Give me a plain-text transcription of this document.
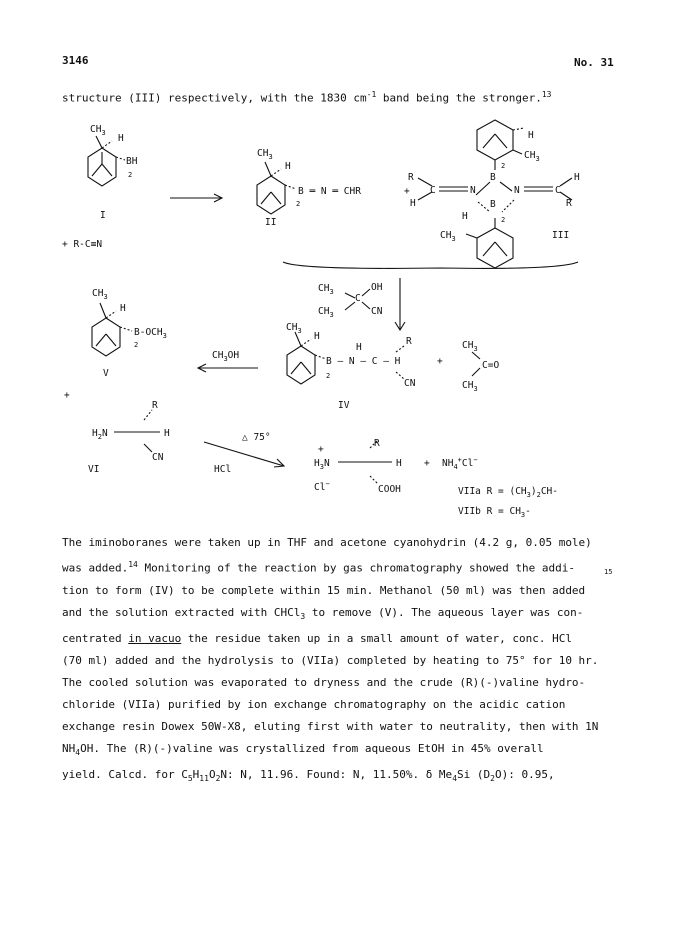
3146	No. 31
structure (III) respectively, with the 1830 $cm^{-1}$ band being the stronger.$^{13}$
$CH_3$ H
BH
2
I
+ R-C≡N
$CH_3$
H
B ═ N ═ CHR
2
II
+
H
$CH_3$
2
B
R
C	N	N	C
H
H
R
B
H	2
$CH_3$	III
$CH_3$
C
OH
$CH_3$	CN
$CH_3$
H
$B-OCH_3$
2
V
+
$CH_3OH$
$CH_3$ H
B — N — C — H
2
H
R
CN
+
$CH_3$
C=O
$CH_3$
IV
R
$H_2N$	H
CN
VI
△ 75°
HCl
+
R
$H_3N$	H
Cl−	COOH
+ $NH_4^+Cl^-$
VIIa $R = (CH_3)_2CH-$
VIIb $R = CH_3-$
15
The iminoboranes were taken up in THF and acetone cyanohydrin (4.2 g, 0.05 mole)
was added.$^{14}$ Monitoring of the reaction by gas chromatography showed the addi-
tion to form (IV) to be complete within 15 min. Methanol (50 ml) was then added
and the solution extracted with CHCl$_3$ to remove (V). The aqueous layer was con-
centrated in vacuo the residue taken up in a small amount of water, conc. HCl
(70 ml) added and the hydrolysis to (VIIa) completed by heating to 75° for 10 hr.
The cooled solution was evaporated to dryness and the crude (R)(-)valine hydro-
chloride (VIIa) purified by ion exchange chromatography on the acidic cation
exchange resin Dowex 50W-X8, eluting first with water to neutrality, then with 1N
$NH_4OH$. The (R)(-)valine was crystallized from aqueous EtOH in 45% overall
yield. Calcd. for $C_5H_{11}O_2N$: N, 11.96. Found: N, 11.50%. δ $Me_4Si$ $(D_2O)$: 0.95,
